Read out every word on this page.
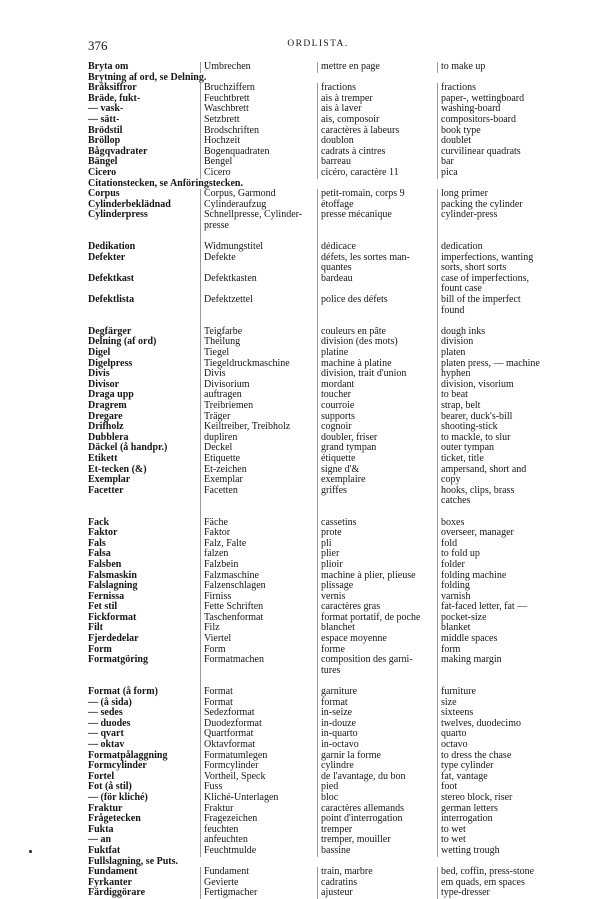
376	ORDLISTA.
Bryta om	Umbrechen	mettre en page	to make up
Brytning af ord, se Delning.
Bråksiffror	Bruchziffern	fractions	fractions
Bräde, fukt-	Feuchtbrett	ais à tremper	paper-, wettingboard
— vask-	Waschbrett	ais à laver	washing-board
— sätt-	Setzbrett	ais, composoir	compositors-board
Brödstil	Brodschriften	caractères à labeurs	book type
Bröllop	Hochzeit	doublon	doublet
Bågqvadrater	Bogenquadraten	cadrats à cintres	curvilinear quadrats
Bängel	Bengel	barreau	bar
Cicero	Cicero	cicéro, caractère 11	pica
Citationstecken, se Anföringstecken.
Corpus	Corpus, Garmond	petit-romain, corps 9	long primer
Cylinderbeklädnad	Cylinderaufzug	étoffage	packing the cylinder
Cylinderpress	Schnellpresse, Cylinder-	presse mécanique	cylinder-press
presse
Dedikation	Widmungstitel	dédicace	dedication
Defekter	Defekte	défets, les sortes man-	imperfections, wanting
quantes	sorts, short sorts
Defektkast	Defektkasten	bardeau	case of imperfections,
fount case
Defektlista	Defektzettel	police des défets	bill of the imperfect
found
Degfärger	Teigfarbe	couleurs en pâte	dough inks
Delning (af ord)	Theilung	division (des mots)	division
Digel	Tiegel	platine	platen
Digelpress	Tiegeldruckmaschine	machine à platine	platen press, — machine
Divis	Divis	division, trait d'union	hyphen
Divisor	Divisorium	mordant	division, visorium
Draga upp	auftragen	toucher	to beat
Dragrem	Treibriemen	courroie	strap, belt
Dregare	Träger	supports	bearer, duck's-bill
Drifholz	Keiltreiber, Treibholz	cognoir	shooting-stick
Dubblera	dupliren	doubler, friser	to mackle, to slur
Däckel (å handpr.)	Deckel	grand tympan	outer tympan
Etikett	Etiquette	étiquette	ticket, title
Et-tecken (&)	Et-zeichen	signe d'&	ampersand, short and
Exemplar	Exemplar	exemplaire	copy
Facetter	Facetten	griffes	hooks, clips, brass
catches
Fack	Fäche	cassetins	boxes
Faktor	Faktor	prote	overseer, manager
Fals	Falz, Falte	pli	fold
Falsa	falzen	plier	to fold up
Falsben	Falzbein	plioir	folder
Falsmaskin	Falzmaschine	machine à plier, plieuse	folding machine
Falslagning	Falzenschlagen	plissage	folding
Fernissa	Firniss	vernis	varnish
Fet stil	Fette Schriften	caractères gras	fat-faced letter, fat —
Fickformat	Taschenformat	format portatif, de poche	pocket-size
Filt	Filz	blanchet	blanket
Fjerdedelar	Viertel	espace moyenne	middle spaces
Form	Form	forme	form
Formatgöring	Formatmachen	composition des garni-	making margin
tures
Format (å form)	Format	garniture	furniture
— (å sida)	Format	format	size
— sedes	Sedezformat	in-seize	sixteens
— duodes	Duodezformat	in-douze	twelves, duodecimo
— qvart	Quartformat	in-quarto	quarto
— oktav	Oktavformat	in-octavo	octavo
Formatpålaggning	Formatumlegen	garnir la forme	to dress the chase
Formcylinder	Formcylinder	cylindre	type cylinder
Fortel	Vortheil, Speck	de l'avantage, du bon	fat, vantage
Fot (å stil)	Fuss	pied	foot
— (för kliché)	Kliché-Unterlagen	bloc	stereo block, riser
Fraktur	Fraktur	caractères allemands	german letters
Frågetecken	Fragezeichen	point d'interrogation	interrogation
Fukta	feuchten	tremper	to wet
— an	anfeuchten	tremper, mouiller	to wet
Fuktfat	Feuchtmulde	bassine	wetting trough
Fullslagning, se Puts.
Fundament	Fundament	train, marbre	bed, coffin, press-stone
Fyrkanter	Gevierte	cadratins	em quads, em spaces
Färdiggörare	Fertigmacher	ajusteur	type-dresser
